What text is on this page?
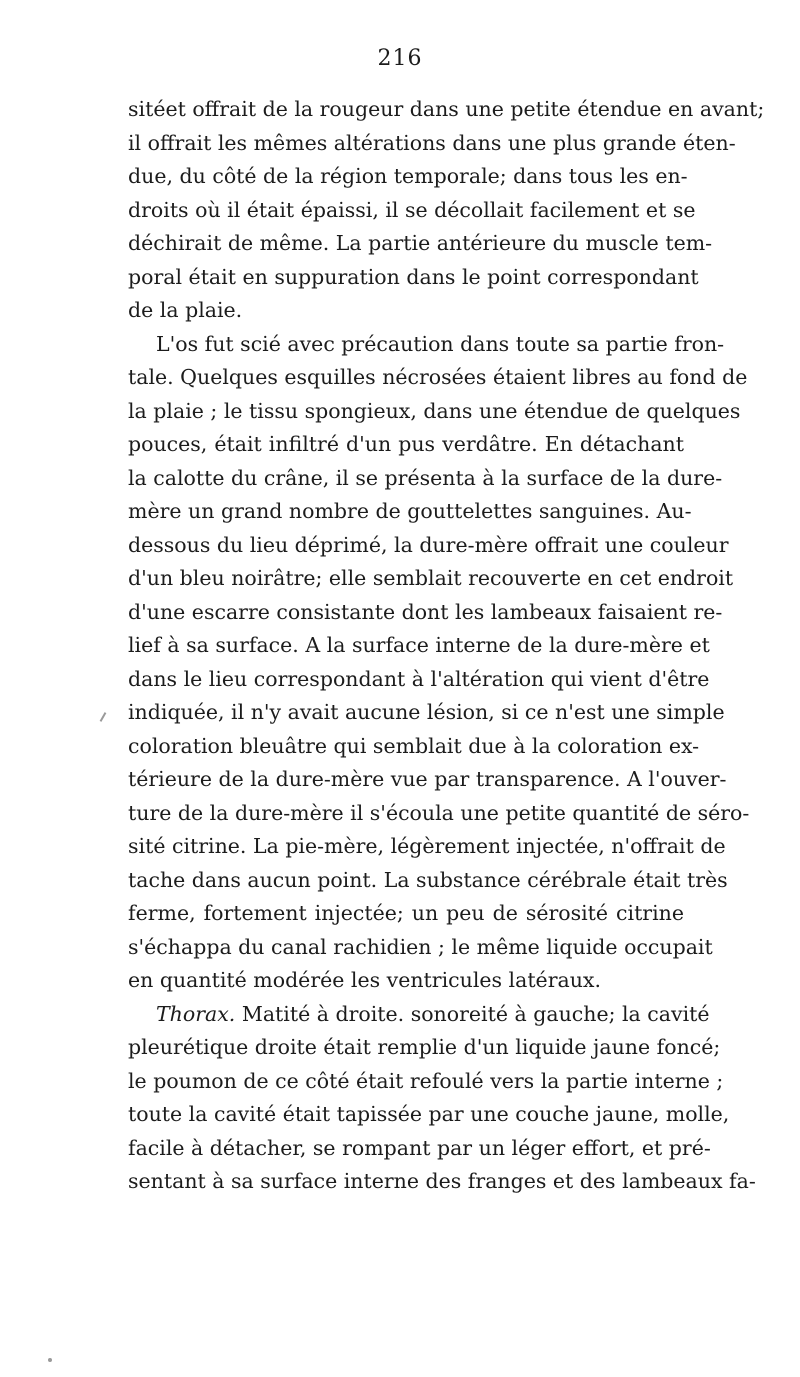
216
sitéet offrait de la rougeur dans une petite étendue en avant;
il offrait les mêmes altérations dans une plus grande éten-
due, du côté de la région temporale; dans tous les en-
droits où il était épaissi, il se décollait facilement et se
déchirait de même. La partie antérieure du muscle tem-
poral était en suppuration dans le point correspondant
de la plaie.
L'os fut scié avec précaution dans toute sa partie fron-
tale. Quelques esquilles nécrosées étaient libres au fond de
la plaie ; le tissu spongieux, dans une étendue de quelques
pouces, était infiltré d'un pus verdâtre. En détachant
la calotte du crâne, il se présenta à la surface de la dure-
mère un grand nombre de gouttelettes sanguines. Au-
dessous du lieu déprimé, la dure-mère offrait une couleur
d'un bleu noirâtre; elle semblait recouverte en cet endroit
d'une escarre consistante dont les lambeaux faisaient re-
lief à sa surface. A la surface interne de la dure-mère et
dans le lieu correspondant à l'altération qui vient d'être
indiquée, il n'y avait aucune lésion, si ce n'est une simple
coloration bleuâtre qui semblait due à la coloration ex-
térieure de la dure-mère vue par transparence. A l'ouver-
ture de la dure-mère il s'écoula une petite quantité de séro-
sité citrine. La pie-mère, légèrement injectée, n'offrait de
tache dans aucun point. La substance cérébrale était très
ferme, fortement injectée; un peu de sérosité citrine
s'échappa du canal rachidien ; le même liquide occupait
en quantité modérée les ventricules latéraux.
Thorax. Matité à droite. sonoreité à gauche; la cavité
pleurétique droite était remplie d'un liquide jaune foncé;
le poumon de ce côté était refoulé vers la partie interne ;
toute la cavité était tapissée par une couche jaune, molle,
facile à détacher, se rompant par un léger effort, et pré-
sentant à sa surface interne des franges et des lambeaux fa-
